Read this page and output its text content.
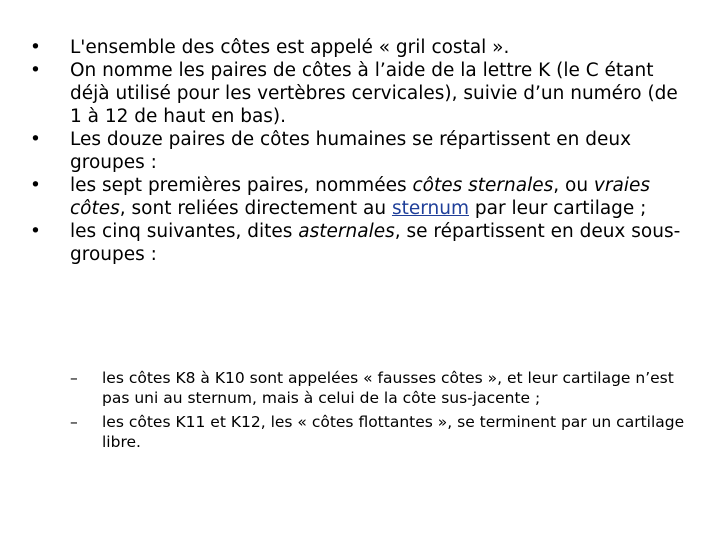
•	L'ensemble des côtes est appelé « gril costal ».
•	On nomme les paires de côtes à l’aide de la lettre K (le C étant déjà utilisé pour les vertèbres cervicales), suivie d’un numéro (de 1 à 12 de haut en bas).
•	Les douze paires de côtes humaines se répartissent en deux groupes :
•	les sept premières paires, nommées côtes sternales, ou vraies côtes, sont reliées directement au sternum par leur cartilage ;
•	les cinq suivantes, dites asternales, se répartissent en deux sous-groupes :
– les côtes K8 à K10 sont appelées « fausses côtes », et leur cartilage n’est pas uni au sternum, mais à celui de la côte sus-jacente ;
– les côtes K11 et K12, les « côtes flottantes », se terminent par un cartilage libre.
